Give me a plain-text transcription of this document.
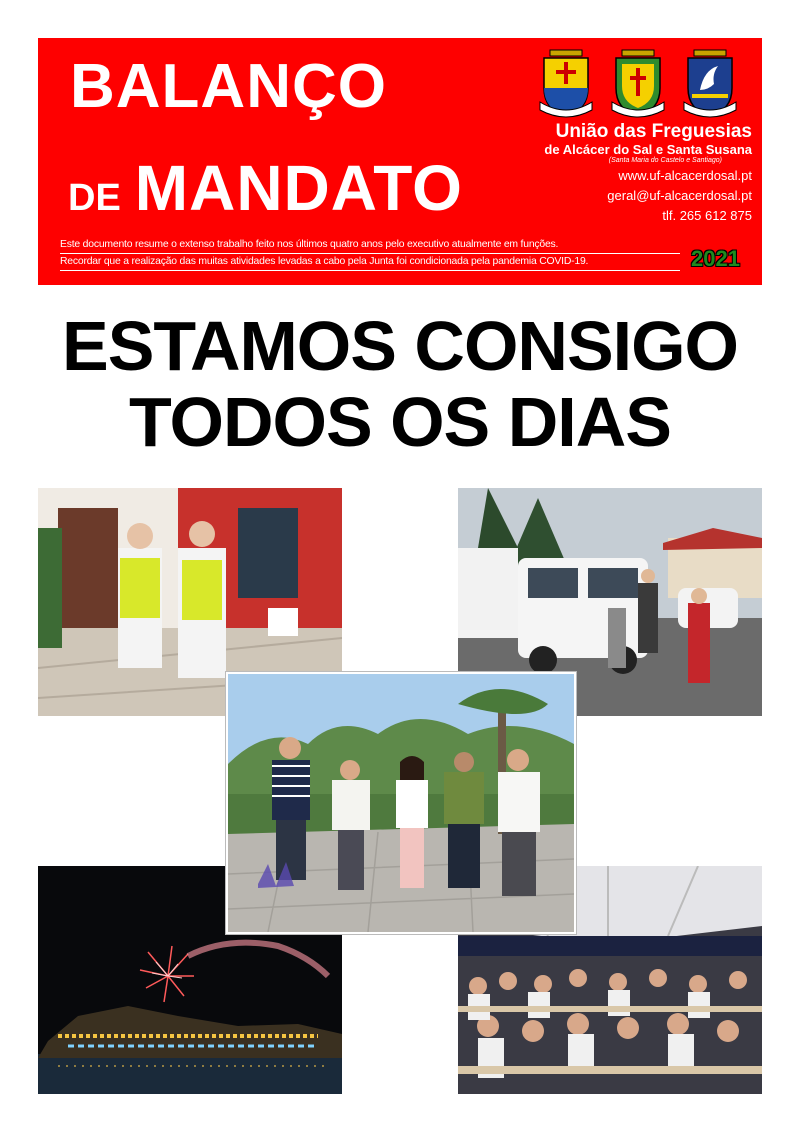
BALANÇO
DE MANDATO
União das Freguesias
de Alcácer do Sal e Santa Susana
(Santa Maria do Castelo e Santiago)
www.uf-alcacerdosal.pt
geral@uf-alcacerdosal.pt
tlf. 265 612 875
Este documento resume o extenso trabalho feito nos últimos quatro anos pelo executivo atualmente em funções.
Recordar que a realização das muitas atividades levadas a cabo pela Junta foi condicionada pela pandemia COVID-19.	2021
ESTAMOS CONSIGO
TODOS OS DIAS
